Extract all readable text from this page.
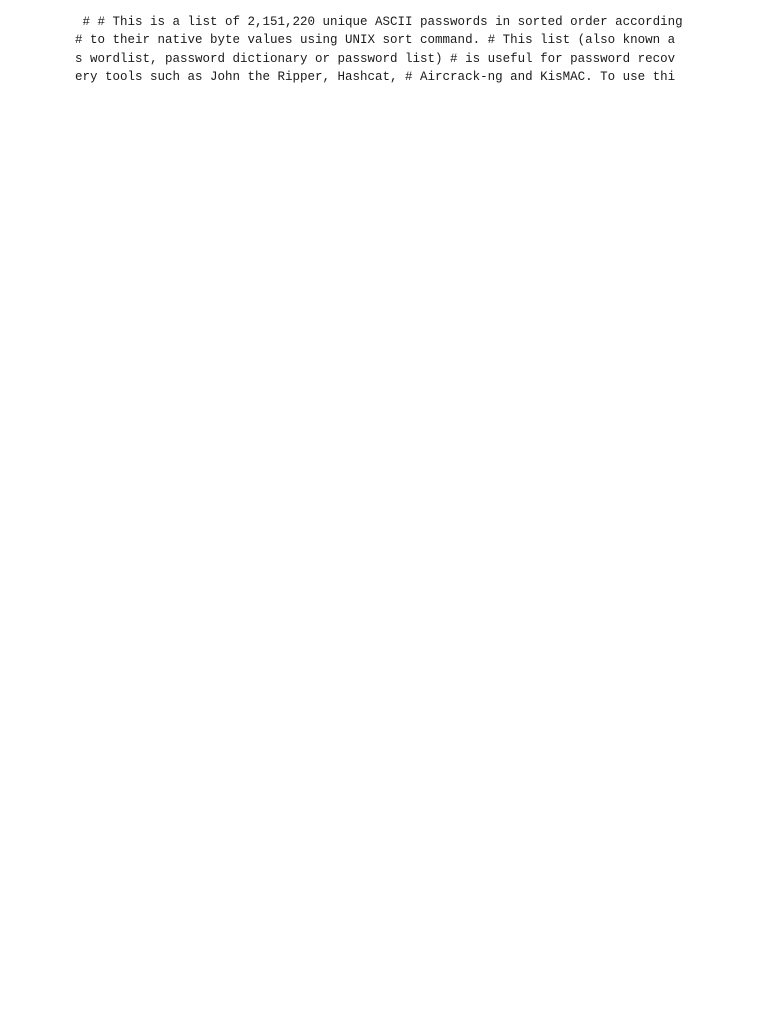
# # This is a list of 2,151,220 unique ASCII passwords in sorted order according
# to their native byte values using UNIX sort command. # This list (also known a
s wordlist, password dictionary or password list) # is useful for password recov
ery tools such as John the Ripper, Hashcat, # Aircrack-ng and KisMAC. To use thi
